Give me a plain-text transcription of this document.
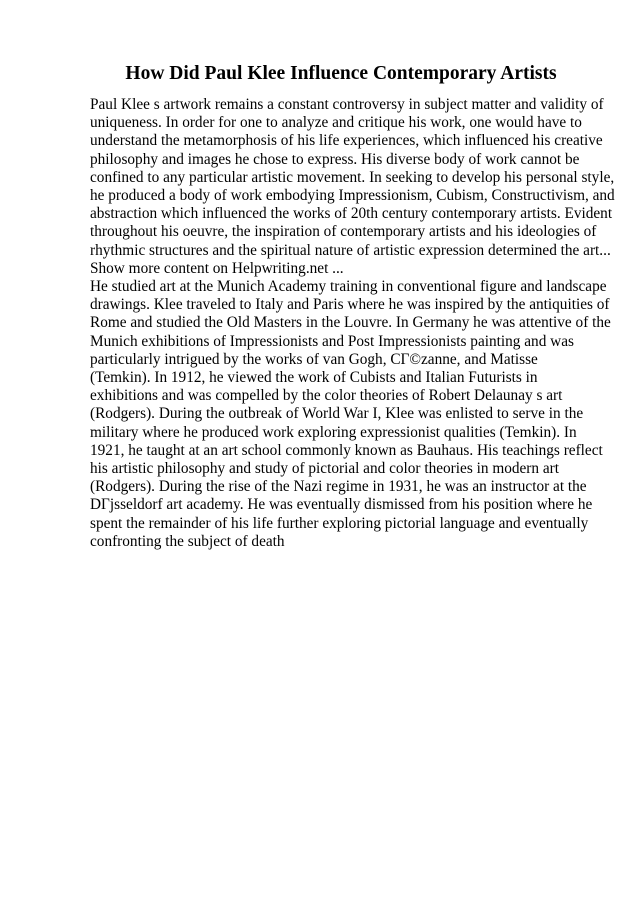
How Did Paul Klee Influence Contemporary Artists
Paul Klee s artwork remains a constant controversy in subject matter and validity of
uniqueness. In order for one to analyze and critique his work, one would have to
understand the metamorphosis of his life experiences, which influenced his creative
philosophy and images he chose to express. His diverse body of work cannot be
confined to any particular artistic movement. In seeking to develop his personal style,
he produced a body of work embodying Impressionism, Cubism, Constructivism, and
abstraction which influenced the works of 20th century contemporary artists. Evident
throughout his oeuvre, the inspiration of contemporary artists and his ideologies of
rhythmic structures and the spiritual nature of artistic expression determined the art...
Show more content on Helpwriting.net ...
He studied art at the Munich Academy training in conventional figure and landscape
drawings. Klee traveled to Italy and Paris where he was inspired by the antiquities of
Rome and studied the Old Masters in the Louvre. In Germany he was attentive of the
Munich exhibitions of Impressionists and Post Impressionists painting and was
particularly intrigued by the works of van Gogh, CГ©zanne, and Matisse
(Temkin). In 1912, he viewed the work of Cubists and Italian Futurists in
exhibitions and was compelled by the color theories of Robert Delaunay s art
(Rodgers). During the outbreak of World War I, Klee was enlisted to serve in the
military where he produced work exploring expressionist qualities (Temkin). In
1921, he taught at an art school commonly known as Bauhaus. His teachings reflect
his artistic philosophy and study of pictorial and color theories in modern art
(Rodgers). During the rise of the Nazi regime in 1931, he was an instructor at the
DГјsseldorf art academy. He was eventually dismissed from his position where he
spent the remainder of his life further exploring pictorial language and eventually
confronting the subject of death
